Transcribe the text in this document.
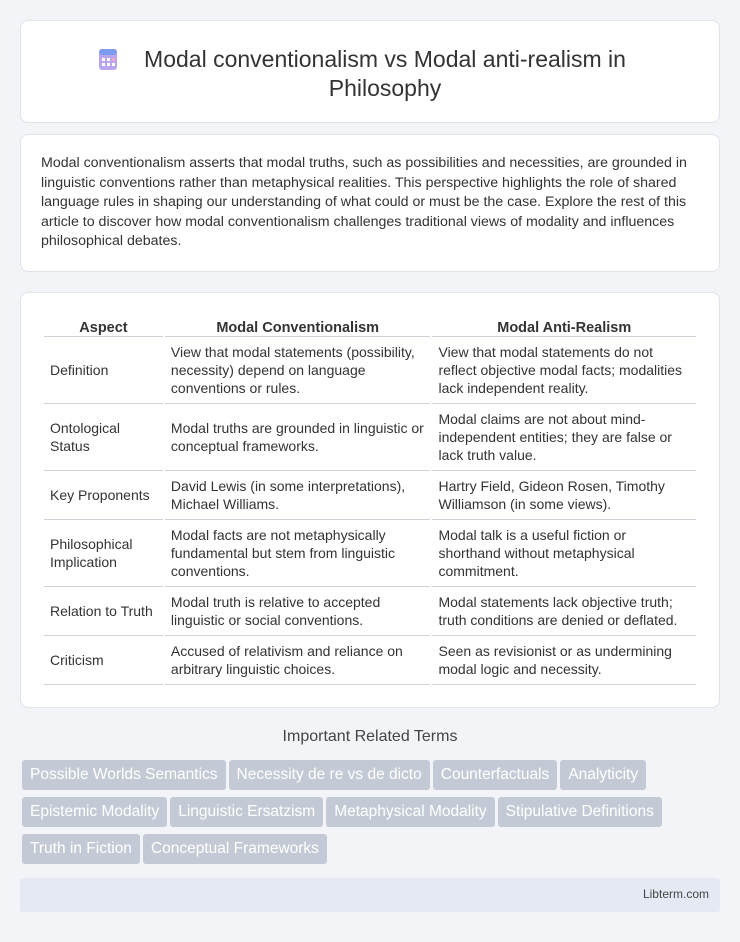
Modal conventionalism vs Modal anti-realism in Philosophy

Modal conventionalism asserts that modal truths, such as possibilities and necessities, are grounded in linguistic conventions rather than metaphysical realities. This perspective highlights the role of shared language rules in shaping our understanding of what could or must be the case. Explore the rest of this article to discover how modal conventionalism challenges traditional views of modality and influences philosophical debates.

Aspect	Modal Conventionalism	Modal Anti-Realism
Definition	View that modal statements (possibility, necessity) depend on language conventions or rules.	View that modal statements do not reflect objective modal facts; modalities lack independent reality.
Ontological Status	Modal truths are grounded in linguistic or conceptual frameworks.	Modal claims are not about mind-independent entities; they are false or lack truth value.
Key Proponents	David Lewis (in some interpretations), Michael Williams.	Hartry Field, Gideon Rosen, Timothy Williamson (in some views).
Philosophical Implication	Modal facts are not metaphysically fundamental but stem from linguistic conventions.	Modal talk is a useful fiction or shorthand without metaphysical commitment.
Relation to Truth	Modal truth is relative to accepted linguistic or social conventions.	Modal statements lack objective truth; truth conditions are denied or deflated.
Criticism	Accused of relativism and reliance on arbitrary linguistic choices.	Seen as revisionist or as undermining modal logic and necessity.
Important Related Terms
Possible Worlds Semantics Necessity de re vs de dicto Counterfactuals Analyticity
Epistemic Modality Linguistic Ersatzism Metaphysical Modality Stipulative Definitions
Truth in Fiction Conceptual Frameworks
Libterm.com
